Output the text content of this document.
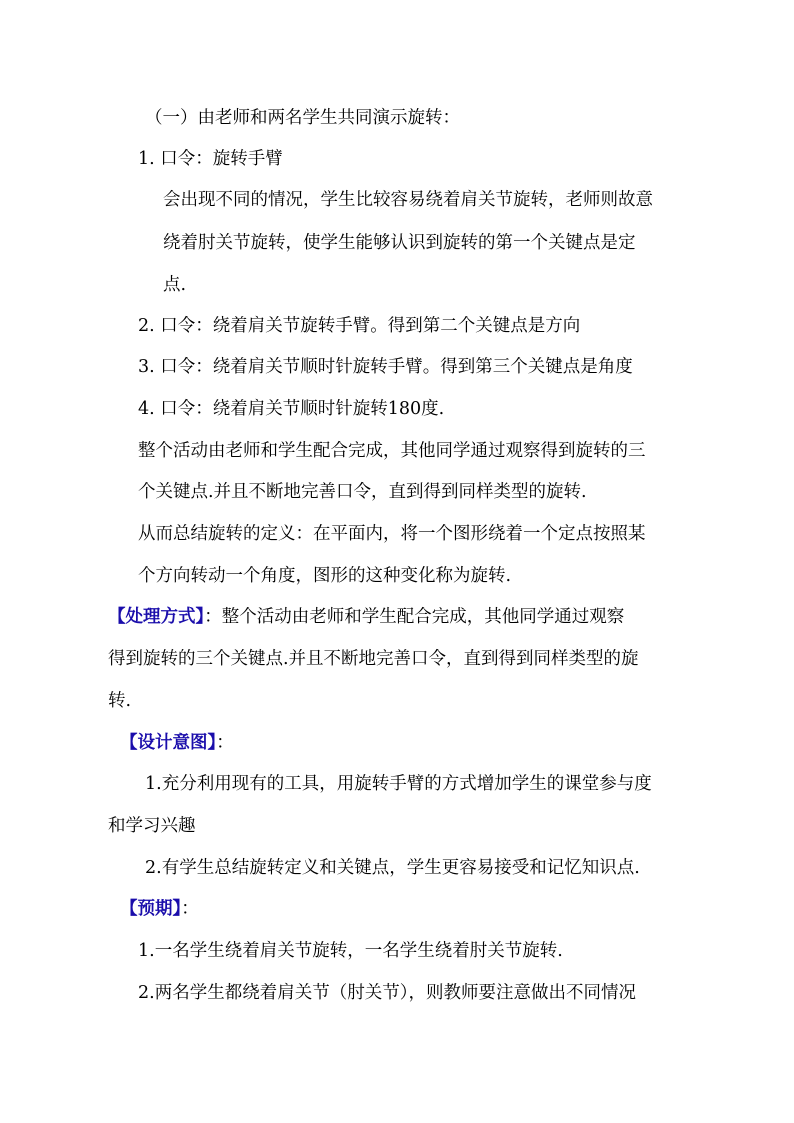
（一）由老师和两名学生共同演示旋转：
1. 口令：旋转手臂
会出现不同的情况，学生比较容易绕着肩关节旋转，老师则故意
绕着肘关节旋转，使学生能够认识到旋转的第一个关键点是定
点.
2. 口令：绕着肩关节旋转手臂。得到第二个关键点是方向
3. 口令：绕着肩关节顺时针旋转手臂。得到第三个关键点是角度
4. 口令：绕着肩关节顺时针旋转180度.
整个活动由老师和学生配合完成，其他同学通过观察得到旋转的三
个关键点.并且不断地完善口令，直到得到同样类型的旋转.
从而总结旋转的定义：在平面内，将一个图形绕着一个定点按照某
个方向转动一个角度，图形的这种变化称为旋转.
【处理方式】：整个活动由老师和学生配合完成，其他同学通过观察
得到旋转的三个关键点.并且不断地完善口令，直到得到同样类型的旋
转.
【设计意图】：
1.充分利用现有的工具，用旋转手臂的方式增加学生的课堂参与度
和学习兴趣
2.有学生总结旋转定义和关键点，学生更容易接受和记忆知识点.
【预期】：
1.一名学生绕着肩关节旋转，一名学生绕着肘关节旋转.
2.两名学生都绕着肩关节（肘关节），则教师要注意做出不同情况
